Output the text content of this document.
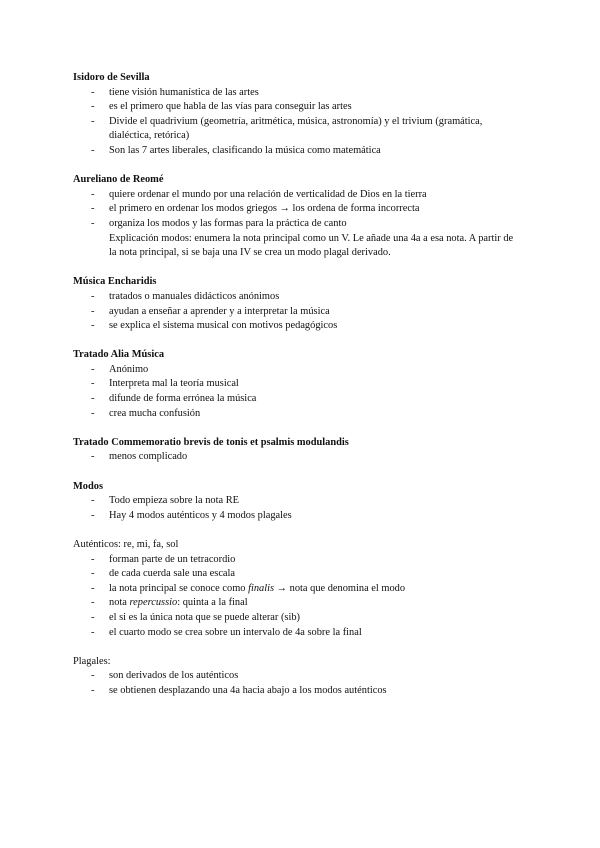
Isidoro de Sevilla
- tiene visión humanística de las artes
- es el primero que habla de las vías para conseguir las artes
- Divide el quadrivium (geometría, aritmética, música, astronomía) y el trivium (gramática, dialéctica, retórica)
- Son las 7 artes liberales, clasificando la música como matemática
Aureliano de Reomé
- quiere ordenar el mundo por una relación de verticalidad de Dios en la tierra
- el primero en ordenar los modos griegos → los ordena de forma incorrecta
- organiza los modos y las formas para la práctica de canto
Explicación modos: enumera la nota principal como un V. Le añade una 4a a esa nota. A partir de la nota principal, si se baja una IV se crea un modo plagal derivado.
Música Encharidis
- tratados o manuales didácticos anónimos
- ayudan a enseñar a aprender y a interpretar la música
- se explica el sistema musical con motivos pedagógicos
Tratado Alia Música
- Anónimo
- Interpreta mal la teoría musical
- difunde de forma errónea la música
- crea mucha confusión
Tratado Commemoratio brevis de tonis et psalmis modulandis
- menos complicado
Modos
- Todo empieza sobre la nota RE
- Hay 4 modos auténticos y 4 modos plagales
Auténticos: re, mi, fa, sol
- forman parte de un tetracordio
- de cada cuerda sale una escala
- la nota principal se conoce como finalis → nota que denomina el modo
- nota repercussio: quinta a la final
- el si es la única nota que se puede alterar (sib)
- el cuarto modo se crea sobre un intervalo de 4a sobre la final
Plagales:
- son derivados de los auténticos
- se obtienen desplazando una 4a hacia abajo a los modos auténticos
